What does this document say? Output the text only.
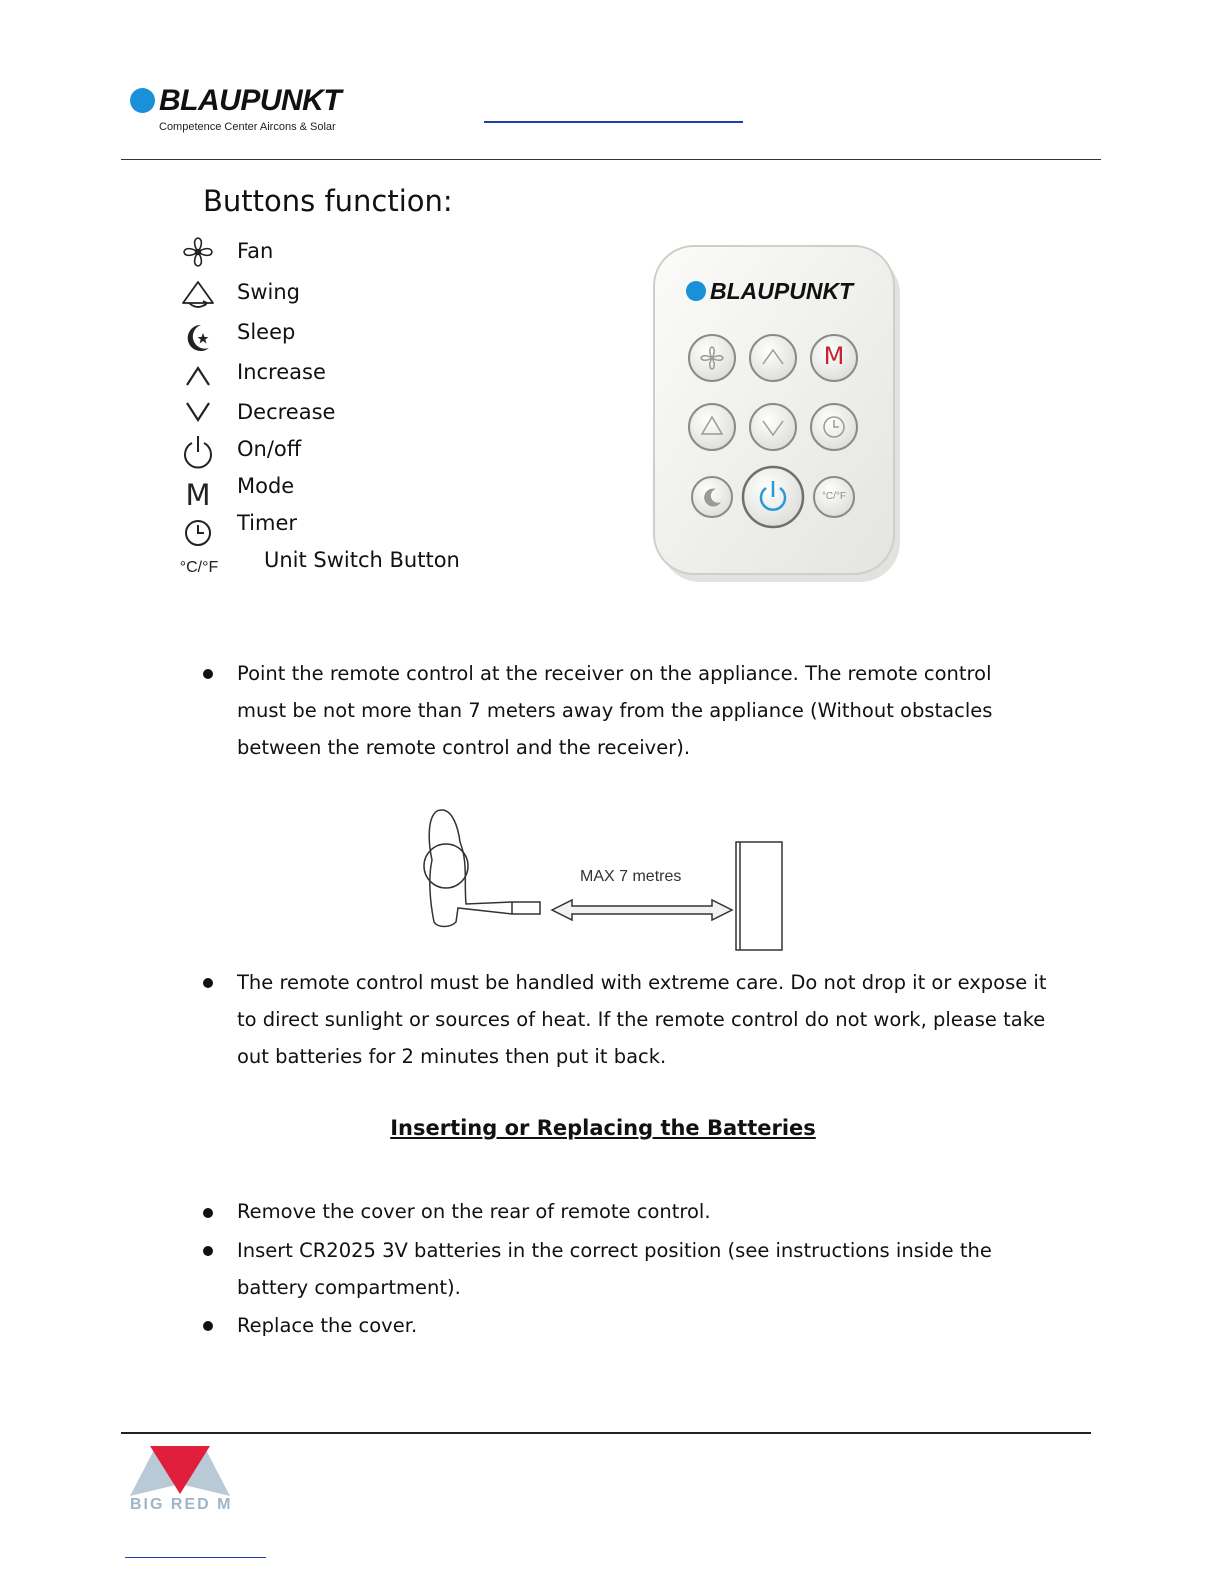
BLAUPUNKT
Competence Center Aircons & Solar
Buttons function:
Fan
Swing
Sleep
Increase
Decrease
On/off
M	Mode
Timer
°C/°F	Unit Switch Button
BLAUPUNKT
M
°C/°F
Point the remote control at the receiver on the appliance. The remote control must be not more than 7 meters away from the appliance (Without obstacles between the remote control and the receiver).
MAX 7 metres
The remote control must be handled with extreme care. Do not drop it or expose it to direct sunlight or sources of heat. If the remote control do not work, please take out batteries for 2 minutes then put it back.
Inserting or Replacing the Batteries
Remove the cover on the rear of remote control.
Insert CR2025 3V batteries in the correct position (see instructions inside the battery compartment).
Replace the cover.
BIG RED M
